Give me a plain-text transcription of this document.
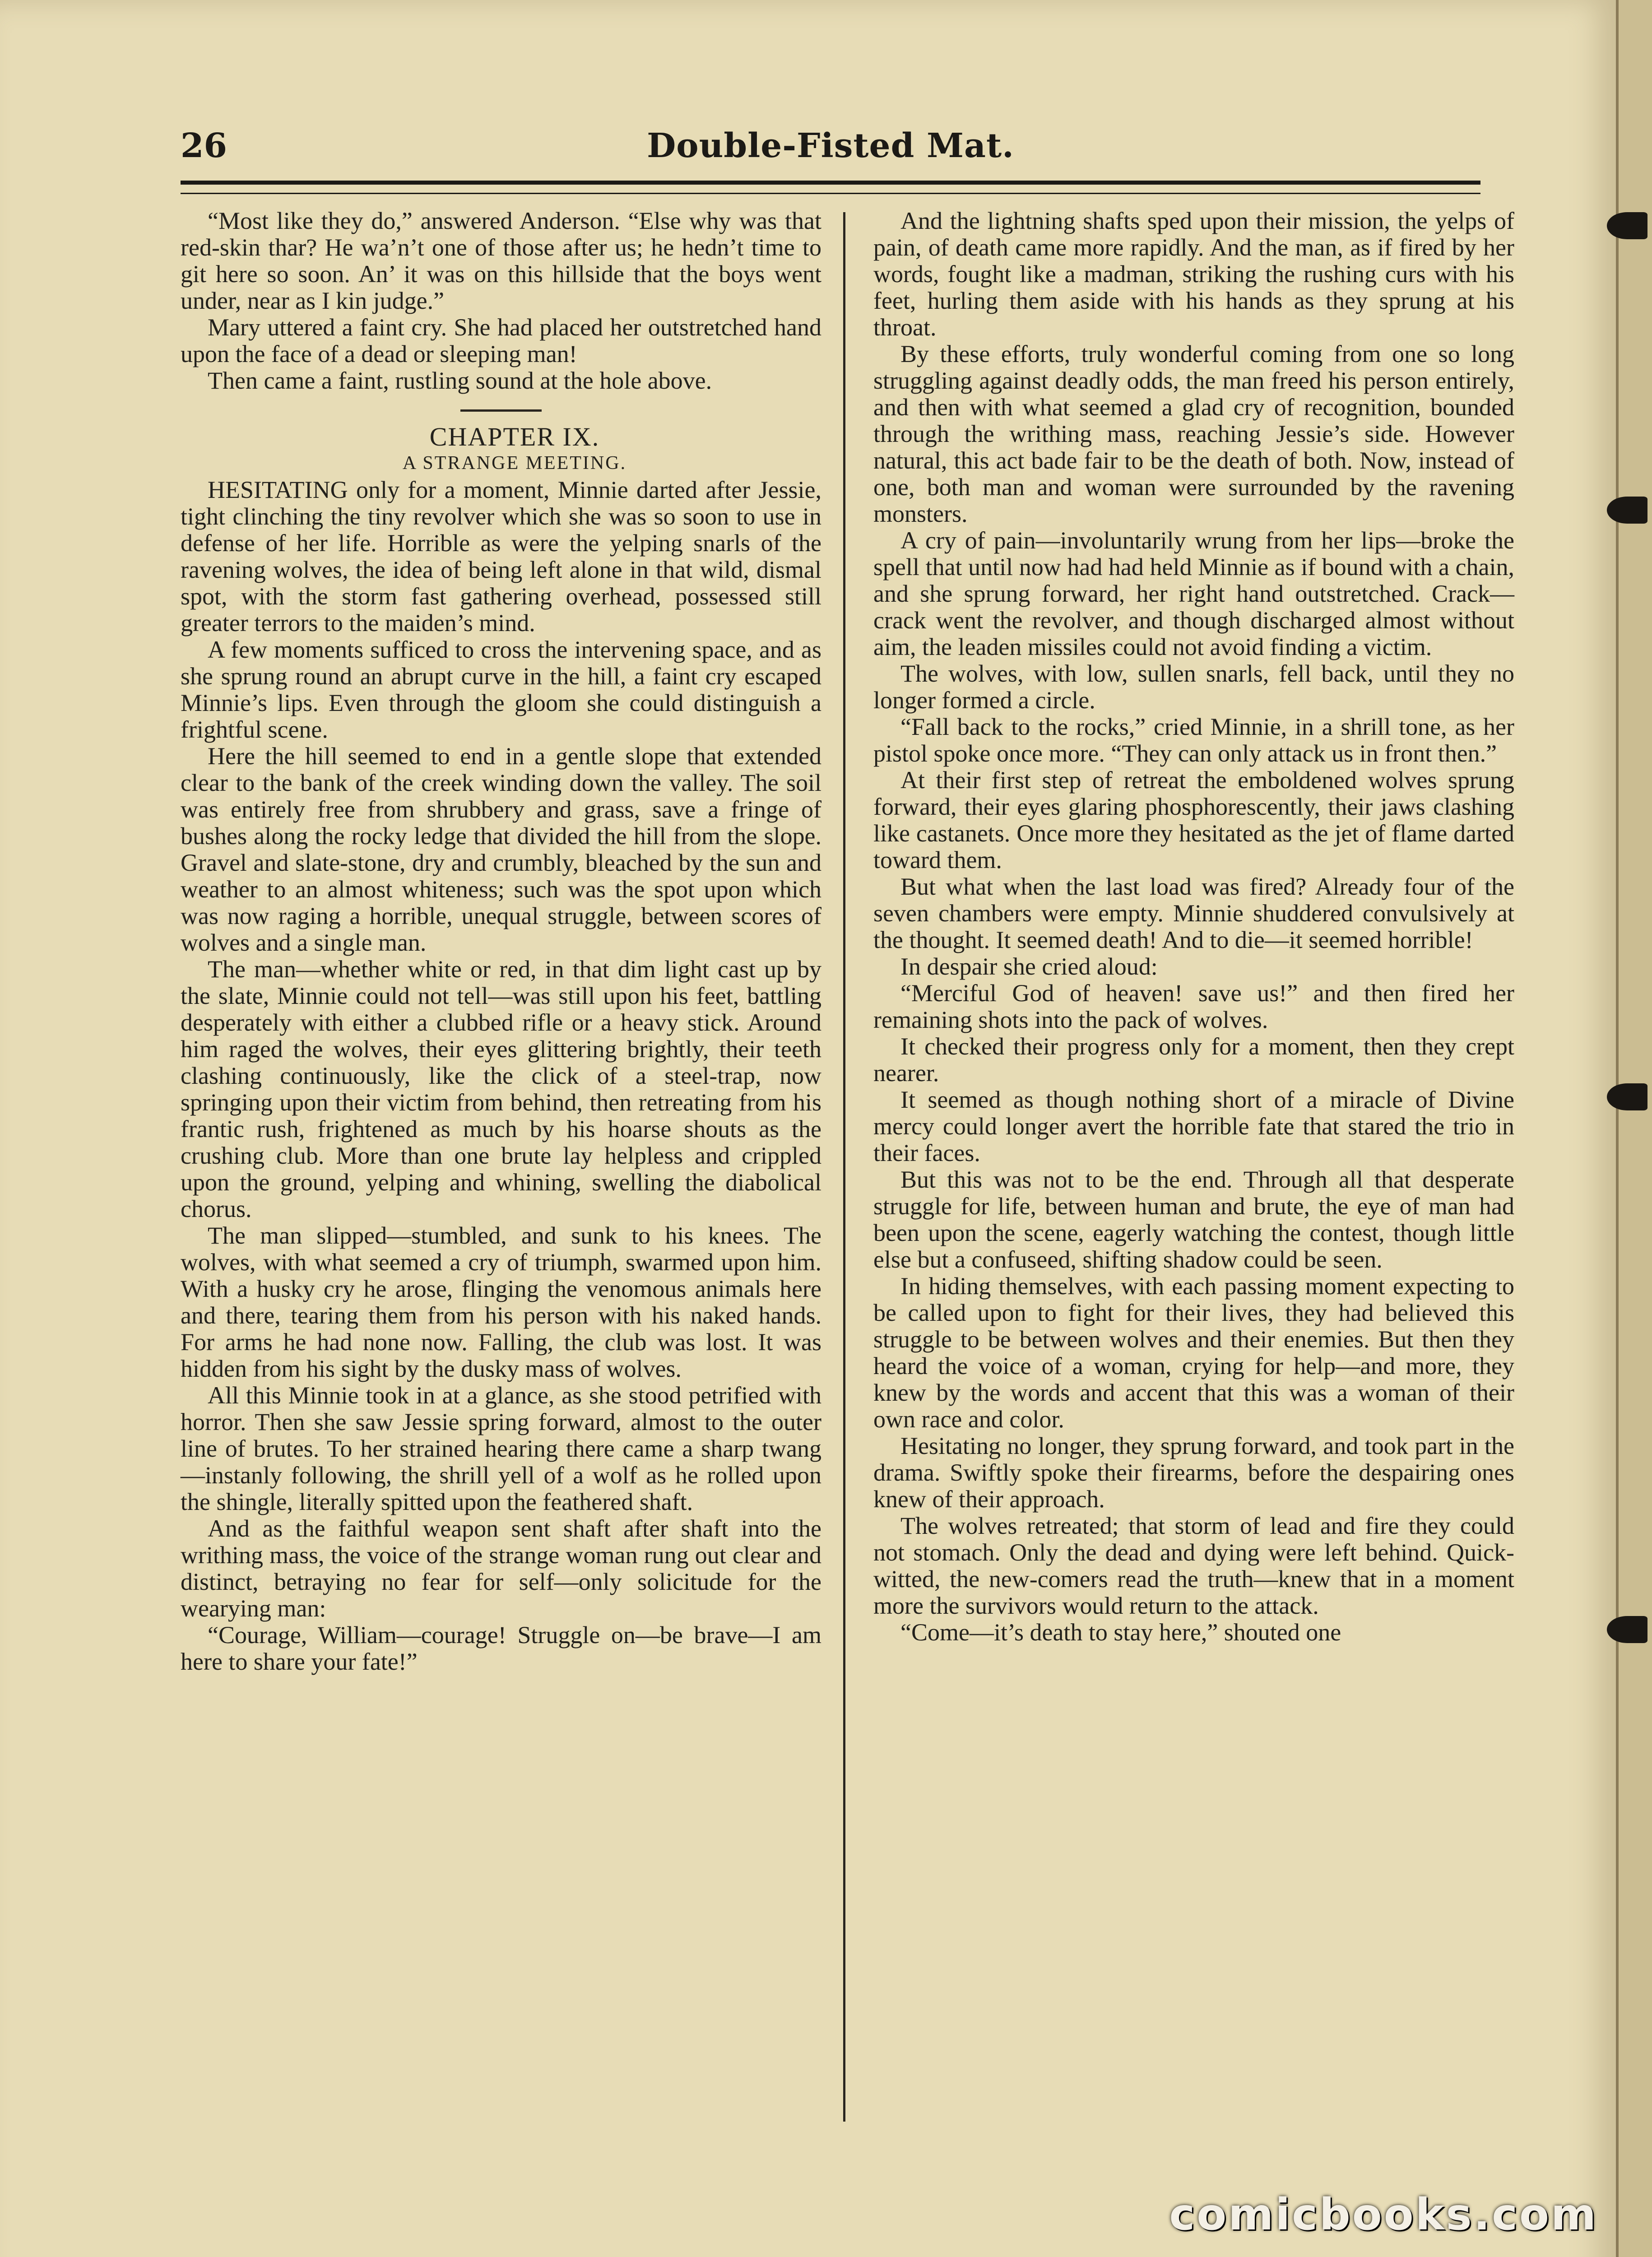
26	Double-Fisted Mat.

“Most like they do,” answered Anderson. “Else why was that red-skin thar? He wa’n’t one of those after us; he hedn’t time to git here so soon. An’ it was on this hillside that the boys went under, near as I kin judge.”

Mary uttered a faint cry. She had placed her outstretched hand upon the face of a dead or sleeping man!

Then came a faint, rustling sound at the hole above.

CHAPTER IX.

A STRANGE MEETING.

HESITATING only for a moment, Minnie darted after Jessie, tight clinching the tiny revolver which she was so soon to use in defense of her life. Horrible as were the yelping snarls of the ravening wolves, the idea of being left alone in that wild, dismal spot, with the storm fast gathering overhead, possessed still greater terrors to the maiden’s mind.

A few moments sufficed to cross the intervening space, and as she sprung round an abrupt curve in the hill, a faint cry escaped Minnie’s lips. Even through the gloom she could distinguish a frightful scene.

Here the hill seemed to end in a gentle slope that extended clear to the bank of the creek winding down the valley. The soil was entirely free from shrubbery and grass, save a fringe of bushes along the rocky ledge that divided the hill from the slope. Gravel and slate-stone, dry and crumbly, bleached by the sun and weather to an almost whiteness; such was the spot upon which was now raging a horrible, unequal struggle, between scores of wolves and a single man.

The man—whether white or red, in that dim light cast up by the slate, Minnie could not tell—was still upon his feet, battling desperately with either a clubbed rifle or a heavy stick. Around him raged the wolves, their eyes glittering brightly, their teeth clashing continuously, like the click of a steel-trap, now springing upon their victim from behind, then retreating from his frantic rush, frightened as much by his hoarse shouts as the crushing club. More than one brute lay helpless and crippled upon the ground, yelping and whining, swelling the diabolical chorus.

The man slipped—stumbled, and sunk to his knees. The wolves, with what seemed a cry of triumph, swarmed upon him. With a husky cry he arose, flinging the venomous animals here and there, tearing them from his person with his naked hands. For arms he had none now. Falling, the club was lost. It was hidden from his sight by the dusky mass of wolves.

All this Minnie took in at a glance, as she stood petrified with horror. Then she saw Jessie spring forward, almost to the outer line of brutes. To her strained hearing there came a sharp twang—instanly following, the shrill yell of a wolf as he rolled upon the shingle, literally spitted upon the feathered shaft.

And as the faithful weapon sent shaft after shaft into the writhing mass, the voice of the strange woman rung out clear and distinct, betraying no fear for self—only solicitude for the wearying man:

“Courage, William—courage! Struggle on—be brave—I am here to share your fate!”

And the lightning shafts sped upon their mission, the yelps of pain, of death came more rapidly. And the man, as if fired by her words, fought like a madman, striking the rushing curs with his feet, hurling them aside with his hands as they sprung at his throat.

By these efforts, truly wonderful coming from one so long struggling against deadly odds, the man freed his person entirely, and then with what seemed a glad cry of recognition, bounded through the writhing mass, reaching Jessie’s side. However natural, this act bade fair to be the death of both. Now, instead of one, both man and woman were surrounded by the ravening monsters.

A cry of pain—involuntarily wrung from her lips—broke the spell that until now had had held Minnie as if bound with a chain, and she sprung forward, her right hand outstretched. Crack—crack went the revolver, and though discharged almost without aim, the leaden missiles could not avoid finding a victim.

The wolves, with low, sullen snarls, fell back, until they no longer formed a circle.

“Fall back to the rocks,” cried Minnie, in a shrill tone, as her pistol spoke once more. “They can only attack us in front then.”

At their first step of retreat the emboldened wolves sprung forward, their eyes glaring phosphorescently, their jaws clashing like castanets. Once more they hesitated as the jet of flame darted toward them.

But what when the last load was fired? Already four of the seven chambers were empty. Minnie shuddered convulsively at the thought. It seemed death! And to die—it seemed horrible!

In despair she cried aloud:

“Merciful God of heaven! save us!” and then fired her remaining shots into the pack of wolves.

It checked their progress only for a moment, then they crept nearer.

It seemed as though nothing short of a miracle of Divine mercy could longer avert the horrible fate that stared the trio in their faces.

But this was not to be the end. Through all that desperate struggle for life, between human and brute, the eye of man had been upon the scene, eagerly watching the contest, though little else but a confuseed, shifting shadow could be seen.

In hiding themselves, with each passing moment expecting to be called upon to fight for their lives, they had believed this struggle to be between wolves and their enemies. But then they heard the voice of a woman, crying for help—and more, they knew by the words and accent that this was a woman of their own race and color.

Hesitating no longer, they sprung forward, and took part in the drama. Swiftly spoke their firearms, before the despairing ones knew of their approach.

The wolves retreated; that storm of lead and fire they could not stomach. Only the dead and dying were left behind. Quick-witted, the new-comers read the truth—knew that in a moment more the survivors would return to the attack.

“Come—it’s death to stay here,” shouted one

comicbooks.com
